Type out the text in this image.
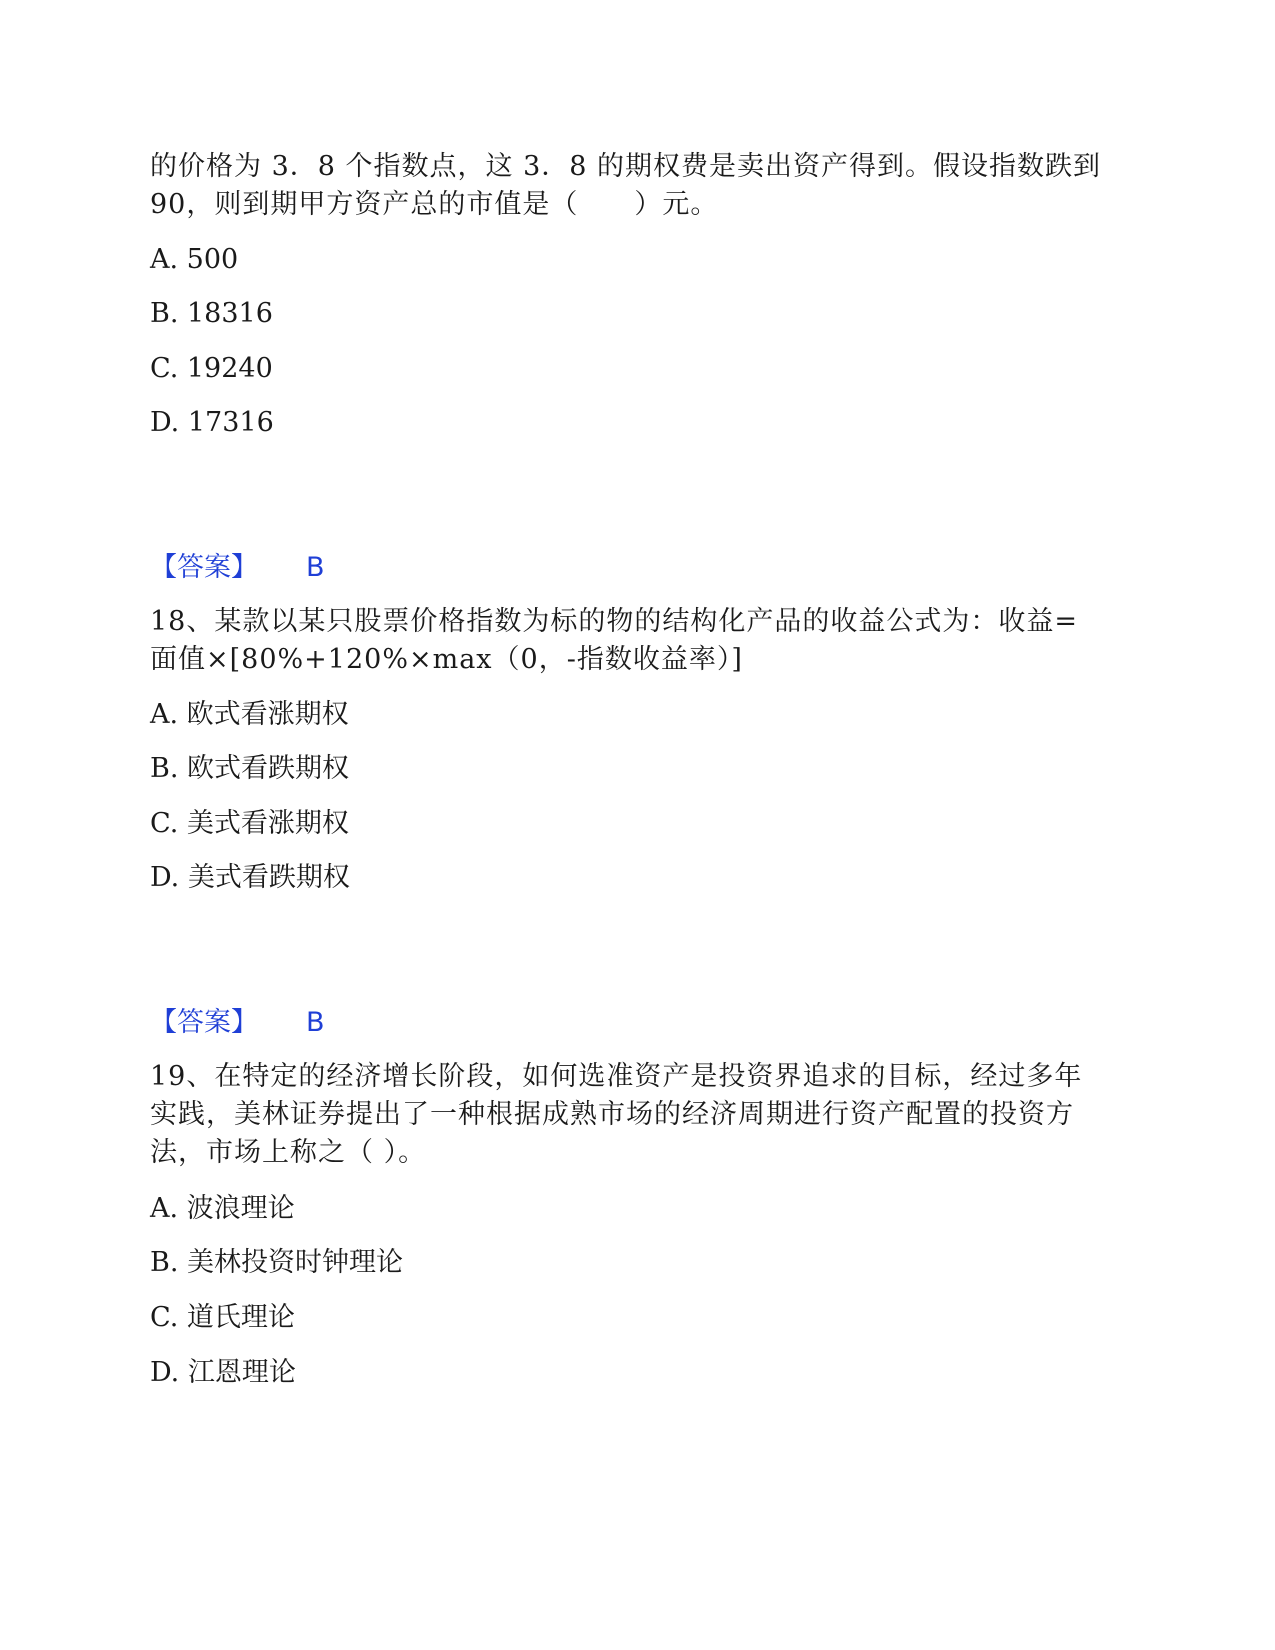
的价格为 3．8 个指数点，这 3．8 的期权费是卖出资产得到。假设指数跌到
90，则到期甲方资产总的市值是（　　）元。
A. 500
B. 18316
C. 19240
D. 17316
【答案】 B
18、某款以某只股票价格指数为标的物的结构化产品的收益公式为：收益=
面值×[80%+120%×max（0，-指数收益率）]
A. 欧式看涨期权
B. 欧式看跌期权
C. 美式看涨期权
D. 美式看跌期权
【答案】 B
19、在特定的经济增长阶段，如何选准资产是投资界追求的目标，经过多年
实践，美林证券提出了一种根据成熟市场的经济周期进行资产配置的投资方
法，市场上称之（ ）。
A. 波浪理论
B. 美林投资时钟理论
C. 道氏理论
D. 江恩理论
